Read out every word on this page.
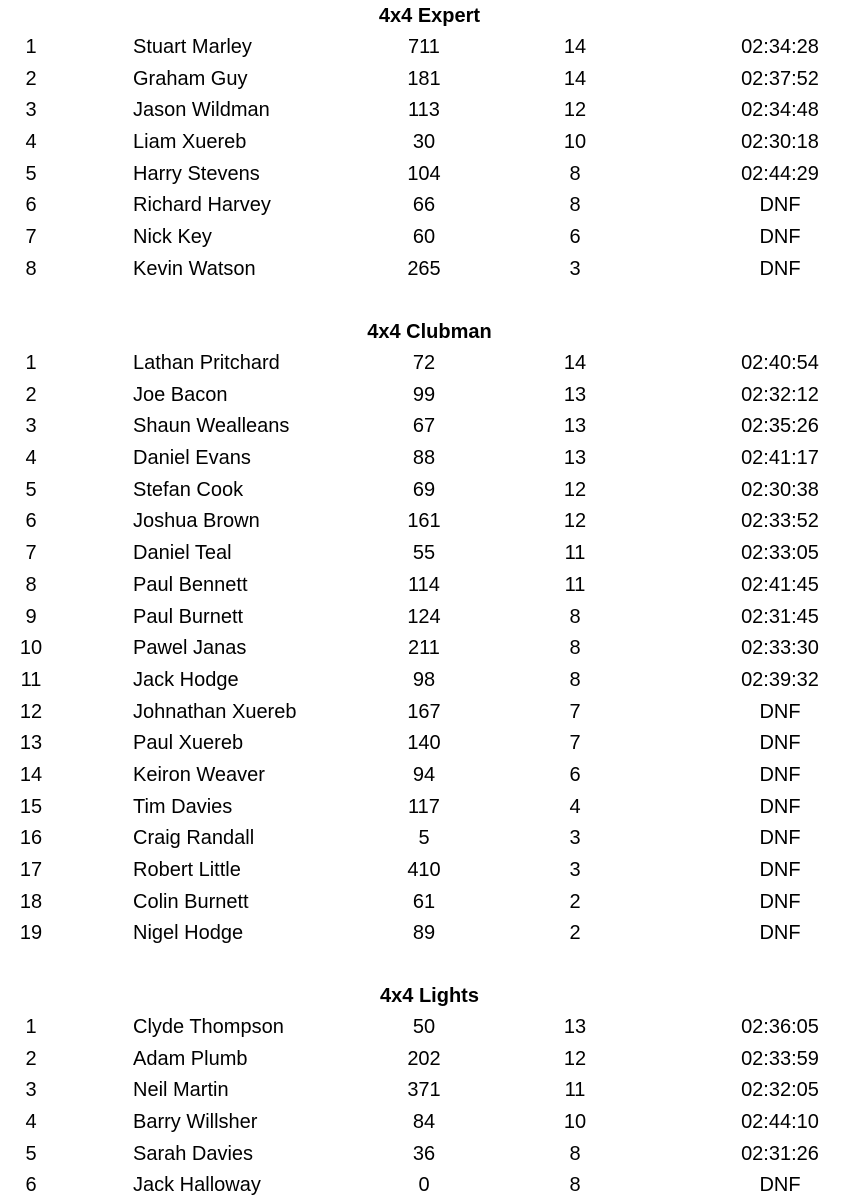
4x4 Expert
1	Stuart Marley	711	14	02:34:28
2	Graham Guy	181	14	02:37:52
3	Jason Wildman	113	12	02:34:48
4	Liam Xuereb	30	10	02:30:18
5	Harry Stevens	104	8	02:44:29
6	Richard Harvey	66	8	DNF
7	Nick Key	60	6	DNF
8	Kevin Watson	265	3	DNF
4x4 Clubman
1	Lathan Pritchard	72	14	02:40:54
2	Joe Bacon	99	13	02:32:12
3	Shaun Wealleans	67	13	02:35:26
4	Daniel Evans	88	13	02:41:17
5	Stefan Cook	69	12	02:30:38
6	Joshua Brown	161	12	02:33:52
7	Daniel Teal	55	11	02:33:05
8	Paul Bennett	114	11	02:41:45
9	Paul Burnett	124	8	02:31:45
10	Pawel Janas	211	8	02:33:30
11	Jack Hodge	98	8	02:39:32
12	Johnathan Xuereb	167	7	DNF
13	Paul Xuereb	140	7	DNF
14	Keiron Weaver	94	6	DNF
15	Tim Davies	117	4	DNF
16	Craig Randall	5	3	DNF
17	Robert Little	410	3	DNF
18	Colin Burnett	61	2	DNF
19	Nigel Hodge	89	2	DNF
4x4 Lights
1	Clyde Thompson	50	13	02:36:05
2	Adam Plumb	202	12	02:33:59
3	Neil Martin	371	11	02:32:05
4	Barry Willsher	84	10	02:44:10
5	Sarah Davies	36	8	02:31:26
6	Jack Halloway	0	8	DNF
